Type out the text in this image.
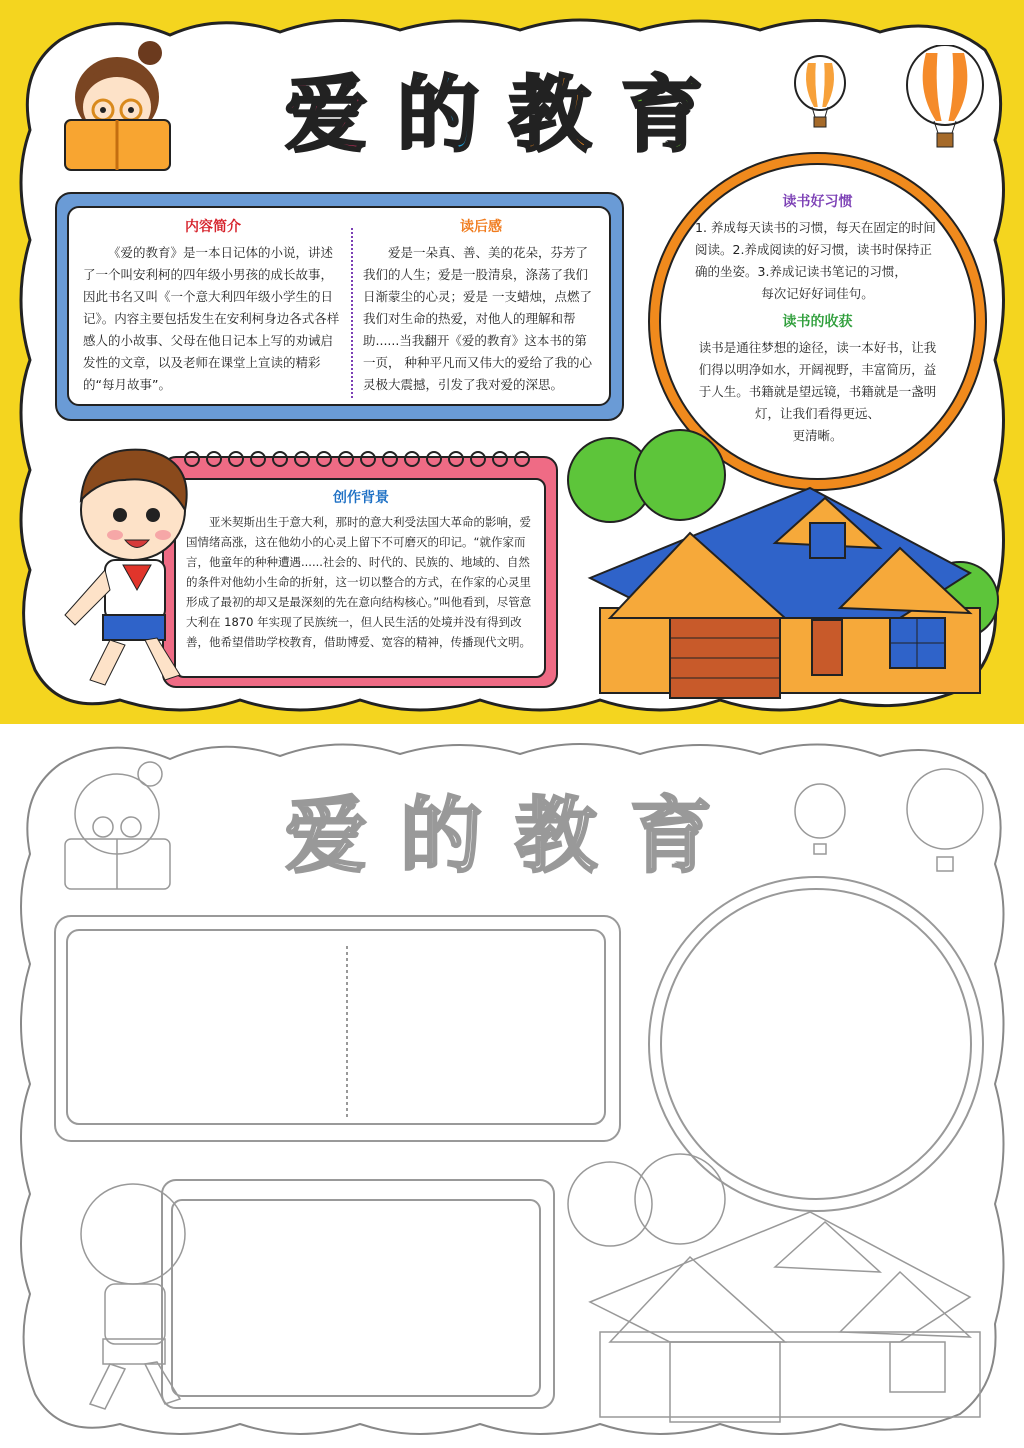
爱 的 教 育
内容简介

《爱的教育》是一本日记体的小说，讲述了一个叫安利柯的四年级小男孩的成长故事，因此书名又叫《一个意大利四年级小学生的日记》。内容主要包括发生在安利柯身边各式各样感人的小故事、父母在他日记本上写的劝诫启发性的文章，以及老师在课堂上宣读的精彩的“每月故事”。

读后感

爱是一朵真、善、美的花朵，芬芳了我们的人生；爱是一股清泉，涤荡了我们日渐蒙尘的心灵；爱是 一支蜡烛，点燃了我们对生命的热爱，对他人的理解和帮助......当我翻开《爱的教育》这本书的第一页， 种种平凡而又伟大的爱给了我的心灵极大震撼，引发了我对爱的深思。

读书好习惯

1. 养成每天读书的习惯，每天在固定的时间阅读。2.养成阅读的好习惯，读书时保持正确的坐姿。3.养成记读书笔记的习惯，

每次记好好词佳句。

读书的收获

读书是通往梦想的途径，读一本好书，让我们得以明净如水，开阔视野，丰富简历，益于人生。书籍就是望远镜，书籍就是一盏明灯，让我们看得更远、

更清晰。

创作背景

亚米契斯出生于意大利，那时的意大利受法国大革命的影响，爱国情绪高涨，这在他幼小的心灵上留下不可磨灭的印记。“就作家而言，他童年的种种遭遇......社会的、时代的、民族的、地域的、自然的条件对他幼小生命的折射，这一切以整合的方式，在作家的心灵里形成了最初的却又是最深刻的先在意向结构核心。”叫他看到，尽管意大利在 1870 年实现了民族统一，但人民生活的处境并没有得到改善，他希望借助学校教育，借助博爱、宽容的精神，传播现代文明。

爱 的 教 育
